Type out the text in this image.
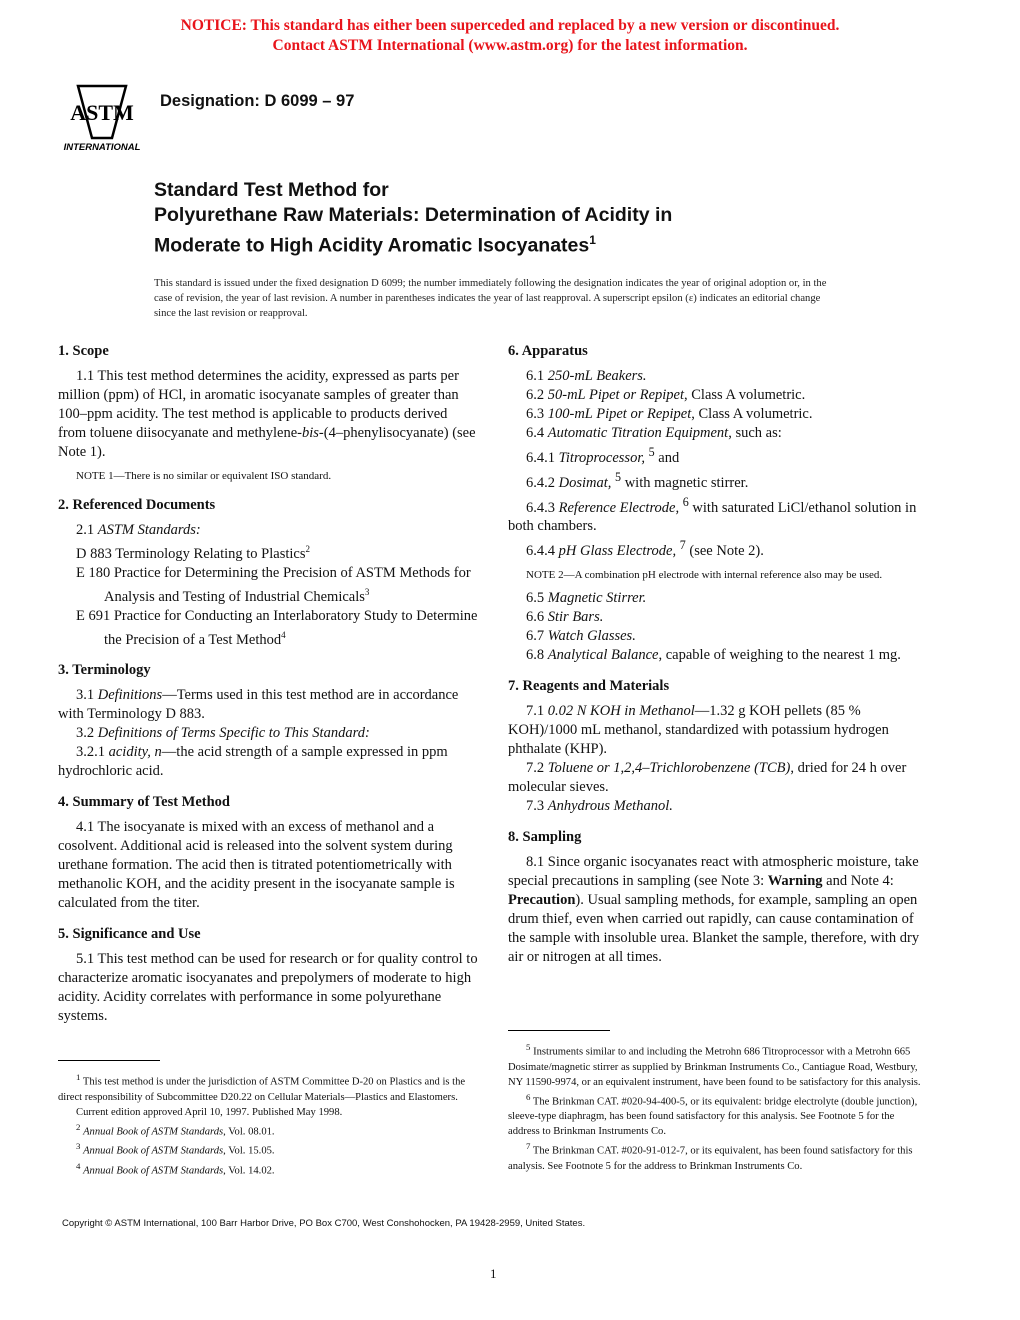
NOTICE: This standard has either been superceded and replaced by a new version or discontinued.
Contact ASTM International (www.astm.org) for the latest information.
ASTM
INTERNATIONAL
Designation: D 6099 – 97
Standard Test Method for
Polyurethane Raw Materials: Determination of Acidity in
Moderate to High Acidity Aromatic Isocyanates$^1$
This standard is issued under the fixed designation D 6099; the number immediately following the designation indicates the year of original adoption or, in the case of revision, the year of last revision. A number in parentheses indicates the year of last reapproval. A superscript epsilon (ε) indicates an editorial change since the last revision or reapproval.

1. Scope

1.1 This test method determines the acidity, expressed as parts per million (ppm) of HCl, in aromatic isocyanate samples of greater than 100–ppm acidity. The test method is applicable to products derived from toluene diisocyanate and methylene-bis-(4–phenylisocyanate) (see Note 1).

NOTE 1—There is no similar or equivalent ISO standard.

2. Referenced Documents

2.1 ASTM Standards:

D 883 Terminology Relating to Plastics$^2$

E 180 Practice for Determining the Precision of ASTM Methods for Analysis and Testing of Industrial Chemicals$^3$

E 691 Practice for Conducting an Interlaboratory Study to Determine the Precision of a Test Method$^4$

3. Terminology

3.1 Definitions—Terms used in this test method are in accordance with Terminology D 883.

3.2 Definitions of Terms Specific to This Standard:

3.2.1 acidity, n—the acid strength of a sample expressed in ppm hydrochloric acid.

4. Summary of Test Method

4.1 The isocyanate is mixed with an excess of methanol and a cosolvent. Additional acid is released into the solvent system during urethane formation. The acid then is titrated potentiometrically with methanolic KOH, and the acidity present in the isocyanate sample is calculated from the titer.

5. Significance and Use

5.1 This test method can be used for research or for quality control to characterize aromatic isocyanates and prepolymers of moderate to high acidity. Acidity correlates with performance in some polyurethane systems.

$^1$ This test method is under the jurisdiction of ASTM Committee D-20 on Plastics and is the direct responsibility of Subcommittee D20.22 on Cellular Materials—Plastics and Elastomers.

Current edition approved April 10, 1997. Published May 1998.

$^2$ Annual Book of ASTM Standards, Vol. 08.01.

$^3$ Annual Book of ASTM Standards, Vol. 15.05.

$^4$ Annual Book of ASTM Standards, Vol. 14.02.

6. Apparatus

6.1 250-mL Beakers.

6.2 50-mL Pipet or Repipet, Class A volumetric.

6.3 100-mL Pipet or Repipet, Class A volumetric.

6.4 Automatic Titration Equipment, such as:

6.4.1 Titroprocessor, $^5$ and

6.4.2 Dosimat, $^5$ with magnetic stirrer.

6.4.3 Reference Electrode, $^6$ with saturated LiCl/ethanol solution in both chambers.

6.4.4 pH Glass Electrode, $^7$ (see Note 2).

NOTE 2—A combination pH electrode with internal reference also may be used.

6.5 Magnetic Stirrer.

6.6 Stir Bars.

6.7 Watch Glasses.

6.8 Analytical Balance, capable of weighing to the nearest 1 mg.

7. Reagents and Materials

7.1 0.02 N KOH in Methanol—1.32 g KOH pellets (85 % KOH)/1000 mL methanol, standardized with potassium hydrogen phthalate (KHP).

7.2 Toluene or 1,2,4–Trichlorobenzene (TCB), dried for 24 h over molecular sieves.

7.3 Anhydrous Methanol.

8. Sampling

8.1 Since organic isocyanates react with atmospheric moisture, take special precautions in sampling (see Note 3: Warning and Note 4: Precaution). Usual sampling methods, for example, sampling an open drum thief, even when carried out rapidly, can cause contamination of the sample with insoluble urea. Blanket the sample, therefore, with dry air or nitrogen at all times.

$^5$ Instruments similar to and including the Metrohn 686 Titroprocessor with a Metrohn 665 Dosimate/magnetic stirrer as supplied by Brinkman Instruments Co., Cantiague Road, Westbury, NY 11590-9974, or an equivalent instrument, have been found to be satisfactory for this analysis.

$^6$ The Brinkman CAT. #020-94-400-5, or its equivalent: bridge electrolyte (double junction), sleeve-type diaphragm, has been found satisfactory for this analysis. See Footnote 5 for the address to Brinkman Instruments Co.

$^7$ The Brinkman CAT. #020-91-012-7, or its equivalent, has been found satisfactory for this analysis. See Footnote 5 for the address to Brinkman Instruments Co.

Copyright © ASTM International, 100 Barr Harbor Drive, PO Box C700, West Conshohocken, PA 19428-2959, United States.
1
